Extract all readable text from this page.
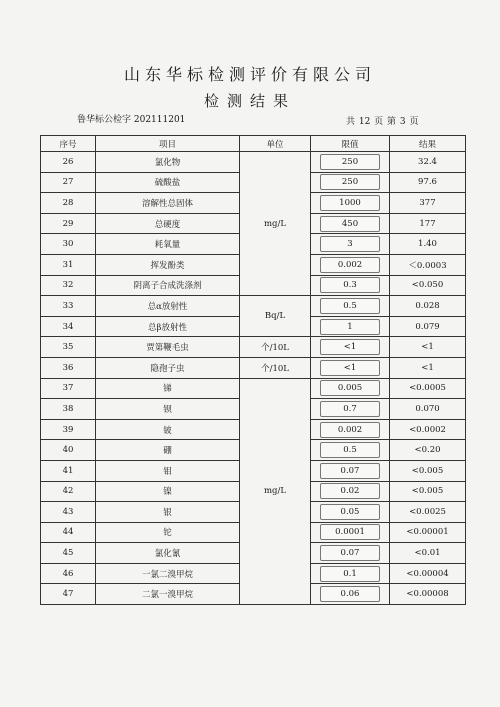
山东华标检测评价有限公司
检测结果
鲁华标公检字 202111201	共 12 页 第 3 页
序号	项目	单位	限值	结果
26	氯化物	mg/L	250	32.4
27	硫酸盐		250	97.6
28	溶解性总固体		1000	377
29	总硬度		450	177
30	耗氧量		3	1.40
31	挥发酚类		0.002	＜0.0003
32	阴离子合成洗涤剂		0.3	<0.050
33	总α放射性	Bq/L	0.5	0.028
34	总β放射性		1	0.079
35	贾第鞭毛虫	个/10L	<1	<1
36	隐孢子虫	个/10L	<1	<1
37	锑	mg/L	0.005	<0.0005
38	钡		0.7	0.070
39	铍		0.002	<0.0002
40	硼		0.5	<0.20
41	钼		0.07	<0.005
42	镍		0.02	<0.005
43	银		0.05	<0.0025
44	铊		0.0001	<0.00001
45	氯化氰		0.07	<0.01
46	一氯二溴甲烷		0.1	<0.00004
47	二氯一溴甲烷		0.06	<0.00008
